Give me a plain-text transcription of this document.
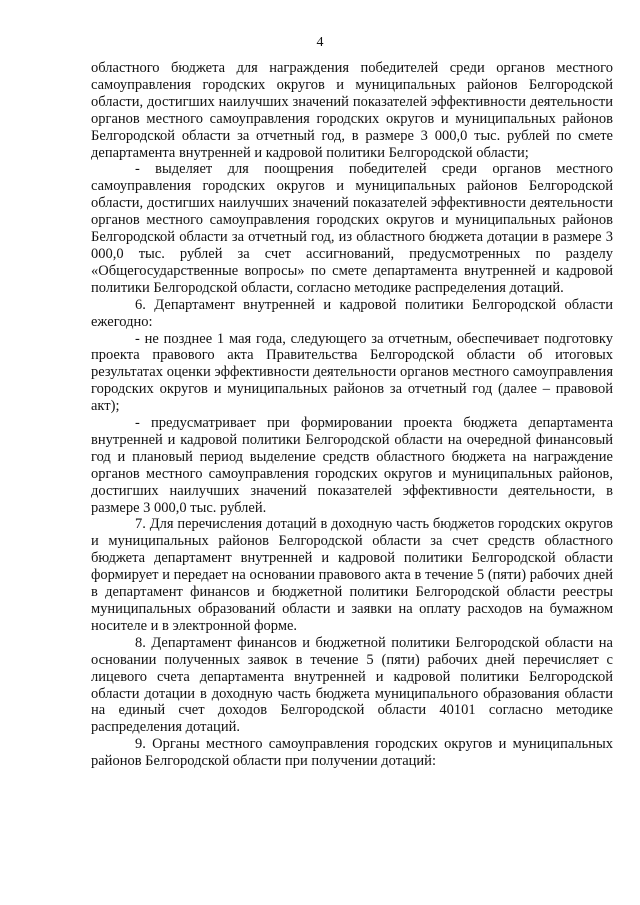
4

областного бюджета для награждения победителей среди органов местного самоуправления городских округов и муниципальных районов Белгородской области, достигших наилучших значений показателей эффективности деятельности органов местного самоуправления городских округов и муниципальных районов Белгородской области за отчетный год, в размере 3 000,0 тыс. рублей по смете департамента внутренней и кадровой политики Белгородской области;

- выделяет для поощрения победителей среди органов местного самоуправления городских округов и муниципальных районов Белгородской области, достигших наилучших значений показателей эффективности деятельности органов местного самоуправления городских округов и муниципальных районов Белгородской области за отчетный год, из областного бюджета дотации в размере 3 000,0 тыс. рублей за счет ассигнований, предусмотренных по разделу «Общегосударственные вопросы» по смете департамента внутренней и кадровой политики Белгородской области, согласно методике распределения дотаций.

6. Департамент внутренней и кадровой политики Белгородской области ежегодно:

- не позднее 1 мая года, следующего за отчетным, обеспечивает подготовку проекта правового акта Правительства Белгородской области об итоговых результатах оценки эффективности деятельности органов местного самоуправления городских округов и муниципальных районов за отчетный год (далее – правовой акт);

- предусматривает при формировании проекта бюджета департамента внутренней и кадровой политики Белгородской области на очередной финансовый год и плановый период выделение средств областного бюджета на награждение органов местного самоуправления городских округов и муниципальных районов, достигших наилучших значений показателей эффективности деятельности, в размере 3 000,0 тыс. рублей.

7. Для перечисления дотаций в доходную часть бюджетов городских округов и муниципальных районов Белгородской области за счет средств областного бюджета департамент внутренней и кадровой политики Белгородской области формирует и передает на основании правового акта в течение 5 (пяти) рабочих дней в департамент финансов и бюджетной политики Белгородской области реестры муниципальных образований области и заявки на оплату расходов на бумажном носителе и в электронной форме.

8. Департамент финансов и бюджетной политики Белгородской области на основании полученных заявок в течение 5 (пяти) рабочих дней перечисляет с лицевого счета департамента внутренней и кадровой политики Белгородской области дотации в доходную часть бюджета муниципального образования области на единый счет доходов Белгородской области 40101 согласно методике распределения дотаций.

9. Органы местного самоуправления городских округов и муниципальных районов Белгородской области при получении дотаций:
